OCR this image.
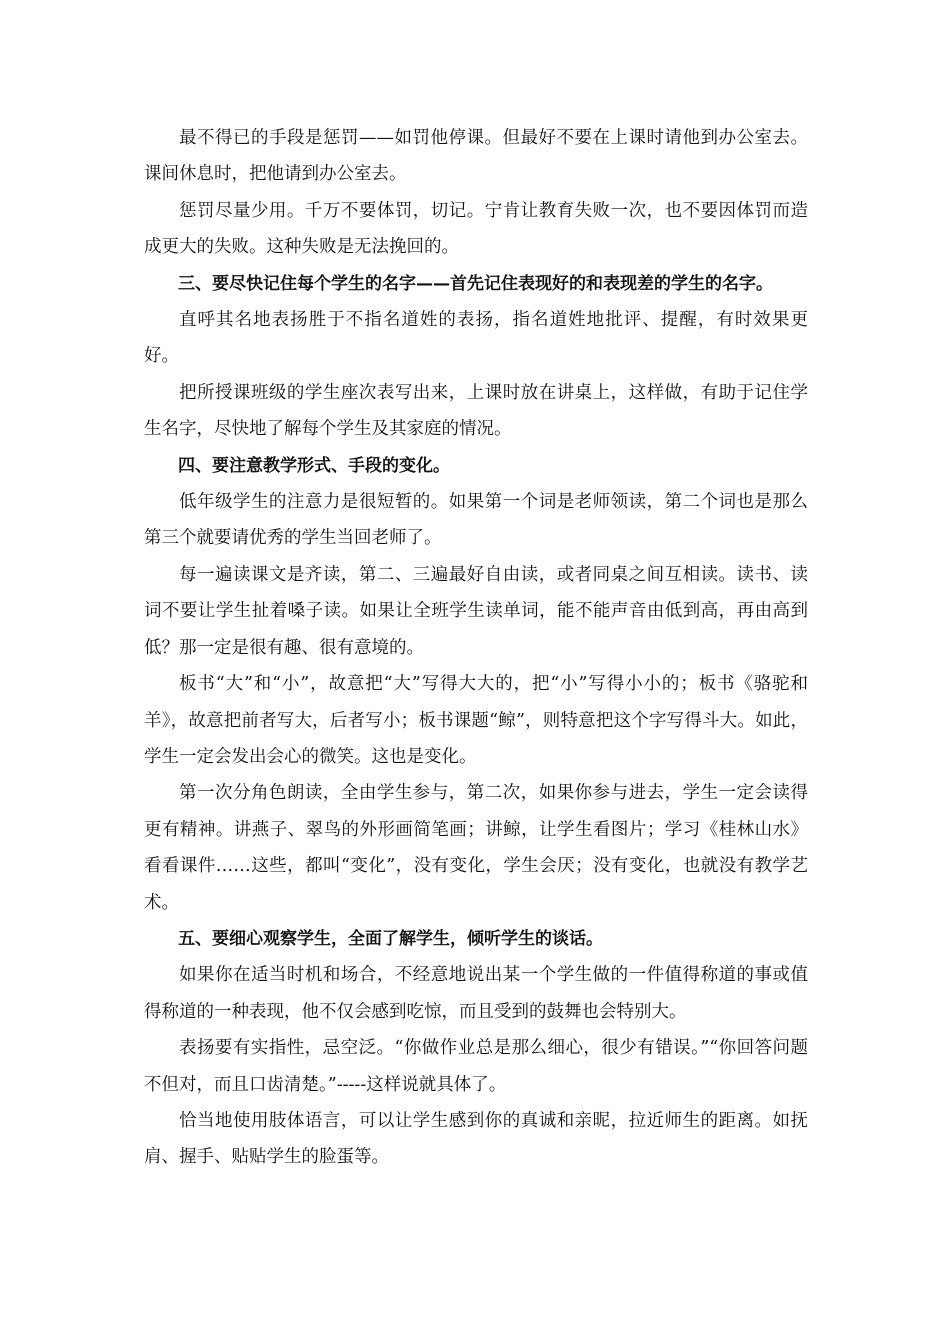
最不得已的手段是惩罚——如罚他停课。但最好不要在上课时请他到办公室去。课间休息时，把他请到办公室去。

惩罚尽量少用。千万不要体罚，切记。宁肯让教育失败一次，也不要因体罚而造成更大的失败。这种失败是无法挽回的。

三、要尽快记住每个学生的名字——首先记住表现好的和表现差的学生的名字。

直呼其名地表扬胜于不指名道姓的表扬，指名道姓地批评、提醒，有时效果更好。

把所授课班级的学生座次表写出来，上课时放在讲桌上，这样做，有助于记住学生名字，尽快地了解每个学生及其家庭的情况。

四、要注意教学形式、手段的变化。

低年级学生的注意力是很短暂的。如果第一个词是老师领读，第二个词也是那么第三个就要请优秀的学生当回老师了。

每一遍读课文是齐读，第二、三遍最好自由读，或者同桌之间互相读。读书、读词不要让学生扯着嗓子读。如果让全班学生读单词，能不能声音由低到高，再由高到低？那一定是很有趣、很有意境的。

板书“大”和“小”，故意把“大”写得大大的，把“小”写得小小的；板书《骆驼和羊》，故意把前者写大，后者写小；板书课题“鲸”，则特意把这个字写得斗大。如此，学生一定会发出会心的微笑。这也是变化。

第一次分角色朗读，全由学生参与，第二次，如果你参与进去，学生一定会读得更有精神。讲燕子、翠鸟的外形画简笔画；讲鲸，让学生看图片；学习《桂林山水》看看课件……这些，都叫“变化”，没有变化，学生会厌；没有变化，也就没有教学艺术。

五、要细心观察学生，全面了解学生，倾听学生的谈话。

如果你在适当时机和场合，不经意地说出某一个学生做的一件值得称道的事或值得称道的一种表现，他不仅会感到吃惊，而且受到的鼓舞也会特别大。

表扬要有实指性，忌空泛。“你做作业总是那么细心，很少有错误。”“你回答问题不但对，而且口齿清楚。”-----这样说就具体了。

恰当地使用肢体语言，可以让学生感到你的真诚和亲昵，拉近师生的距离。如抚肩、握手、贴贴学生的脸蛋等。
